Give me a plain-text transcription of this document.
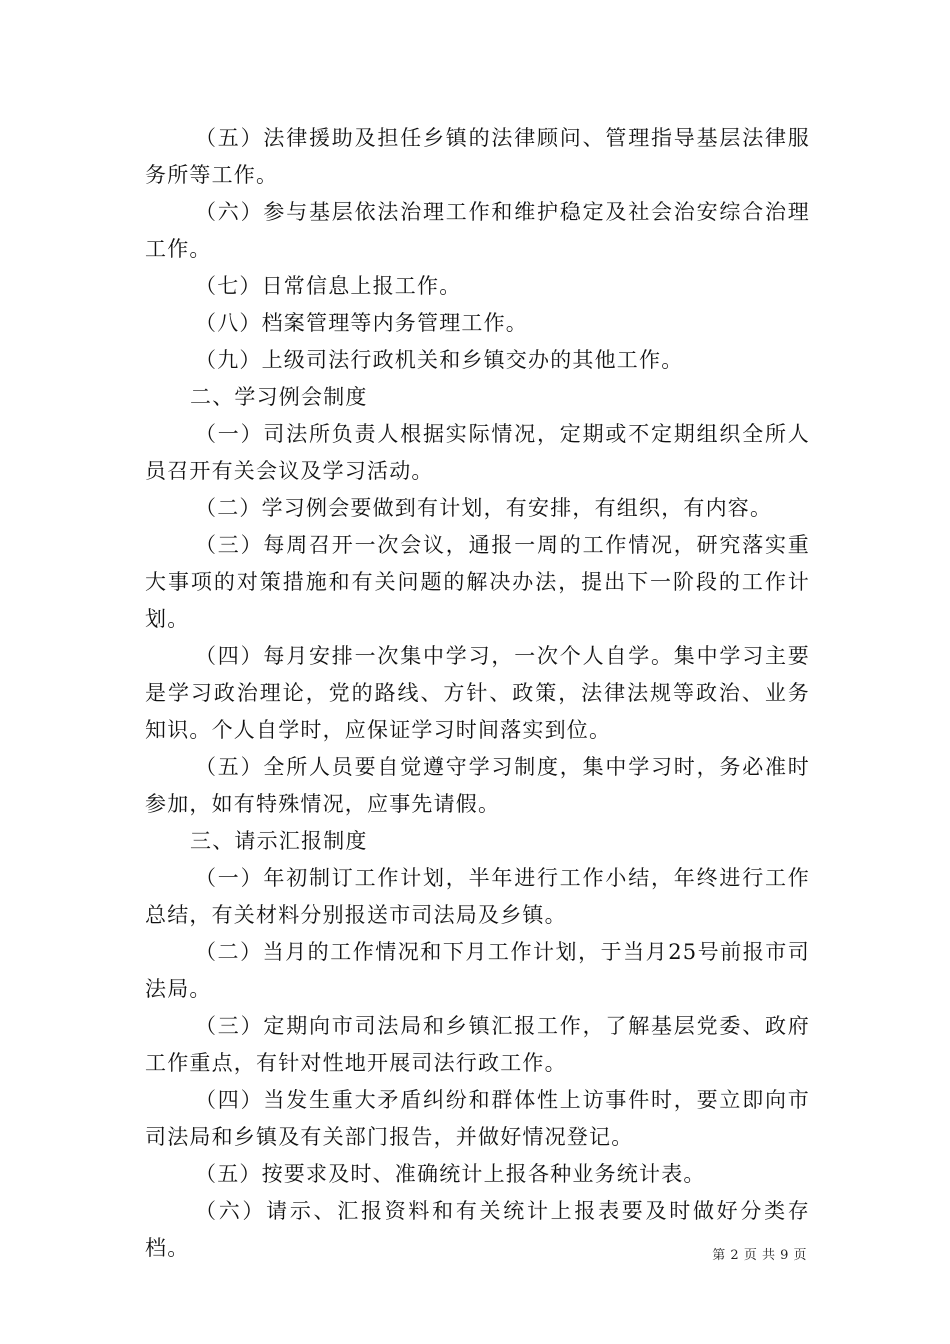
（五）法律援助及担任乡镇的法律顾问、管理指导基层法律服务所等工作。

（六）参与基层依法治理工作和维护稳定及社会治安综合治理工作。

（七）日常信息上报工作。

（八）档案管理等内务管理工作。

（九）上级司法行政机关和乡镇交办的其他工作。

二、学习例会制度

（一）司法所负责人根据实际情况，定期或不定期组织全所人员召开有关会议及学习活动。

（二）学习例会要做到有计划，有安排，有组织，有内容。

（三）每周召开一次会议，通报一周的工作情况，研究落实重大事项的对策措施和有关问题的解决办法，提出下一阶段的工作计划。

（四）每月安排一次集中学习，一次个人自学。集中学习主要是学习政治理论，党的路线、方针、政策，法律法规等政治、业务知识。个人自学时，应保证学习时间落实到位。

（五）全所人员要自觉遵守学习制度，集中学习时，务必准时参加，如有特殊情况，应事先请假。

三、请示汇报制度

（一）年初制订工作计划，半年进行工作小结，年终进行工作总结，有关材料分别报送市司法局及乡镇。

（二）当月的工作情况和下月工作计划，于当月25号前报市司法局。

（三）定期向市司法局和乡镇汇报工作，了解基层党委、政府工作重点，有针对性地开展司法行政工作。

（四）当发生重大矛盾纠纷和群体性上访事件时，要立即向市司法局和乡镇及有关部门报告，并做好情况登记。

（五）按要求及时、准确统计上报各种业务统计表。

（六）请示、汇报资料和有关统计上报表要及时做好分类存档。	第 2 页 共 9 页
